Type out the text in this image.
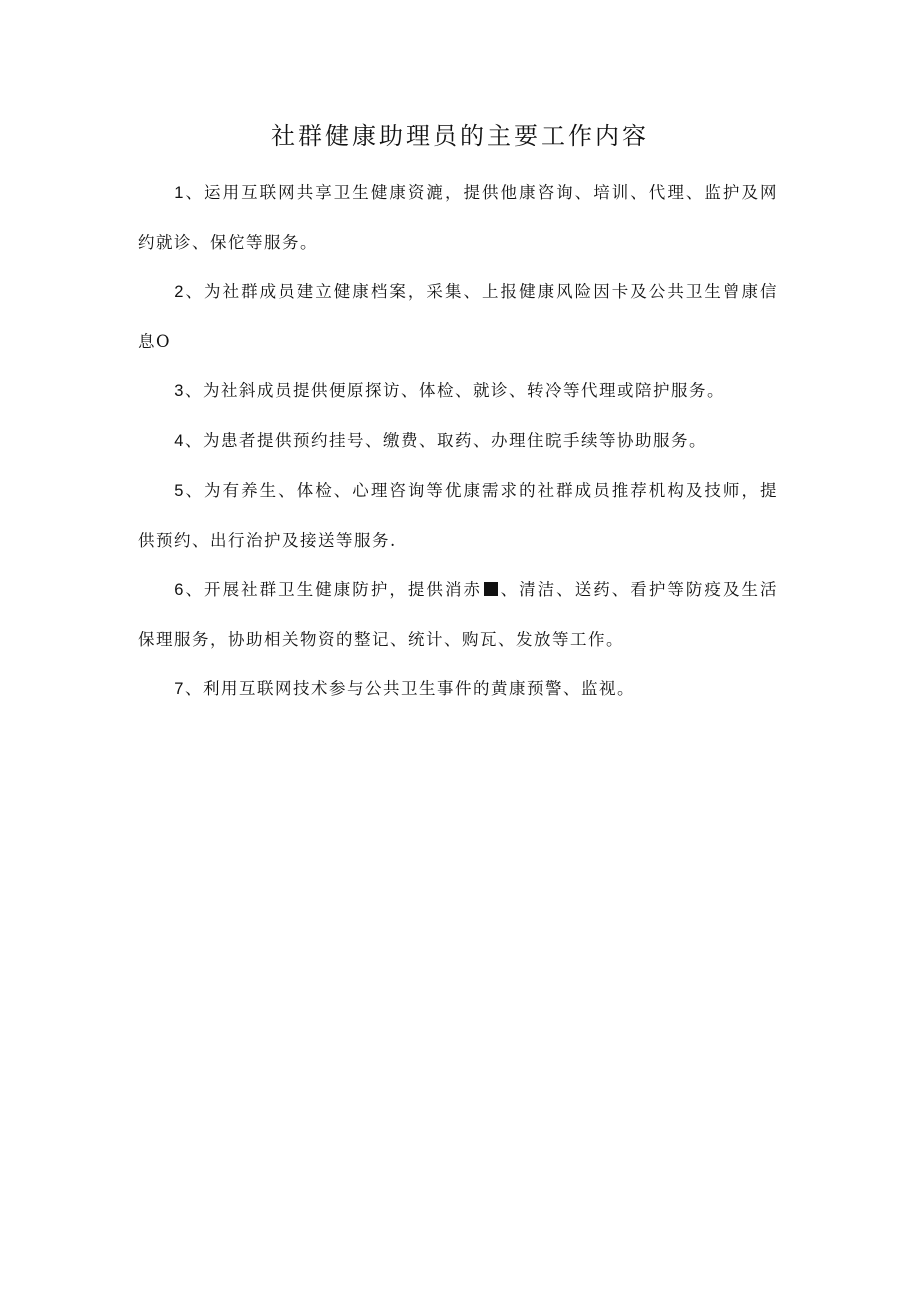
社群健康助理员的主要工作内容

1、运用互联网共享卫生健康资漉，提供他康咨询、培训、代理、监护及网约就诊、保佗等服务。

2、为社群成员建立健康档案，采集、上报健康风险因卡及公共卫生曾康信息O

3、为社斜成员提供便原探访、体检、就诊、转冷等代理或陪护服务。

4、为患者提供预约挂号、缴费、取药、办理住晥手续等协助服务。

5、为有养生、体检、心理咨询等优康需求的社群成员推荐机构及技师，提供预约、出行治护及接送等服务.

6、开展社群卫生健康防护，提供消赤 、清洁、送药、看护等防疫及生活保理服务，协助相关物资的整记、统计、购瓦、发放等工作。

7、利用互联网技术参与公共卫生事件的黄康预警、监视。
